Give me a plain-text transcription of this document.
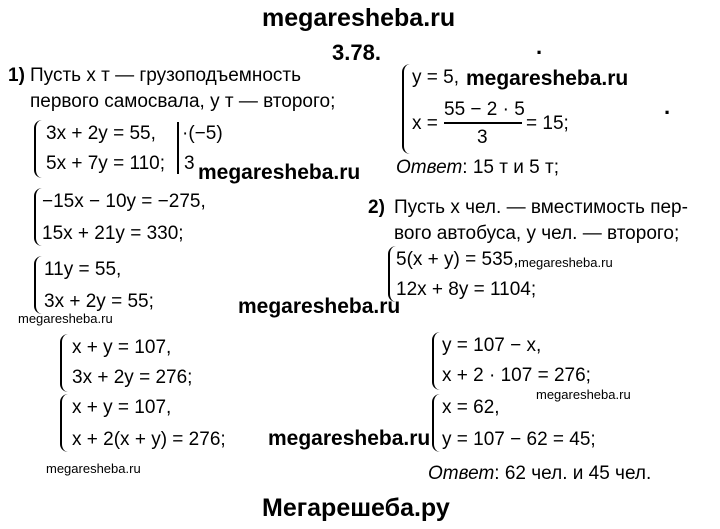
megaresheba.ru
3.78.	.
.
1) Пусть x т — грузоподъемность
первого самосвала, y т — второго;
3x + 2y = 55,
5x + 7y = 110;
·(−5)
3
−15x − 10y = −275,
15x + 21y = 330;
11y = 55,
3x + 2y = 55;
x + y = 107,
3x + 2y = 276;
x + y = 107,
x + 2(x + y) = 276;
y = 5,
x =
55 − 2 · 5
3
= 15;
Ответ: 15 т и 5 т;
2) Пусть x чел. — вместимость пер-
вого автобуса, y чел. — второго;
5(x + y) = 535,
12x + 8y = 1104;
y = 107 − x,
x + 2 · 107 = 276;
x = 62,
y = 107 − 62 = 45;
Ответ: 62 чел. и 45 чел.
megaresheba.ru
megaresheba.ru
megaresheba.ru
megaresheba.ru
megaresheba.ru
megaresheba.ru
megaresheba.ru
megaresheba.ru
Мегарешеба.ру
